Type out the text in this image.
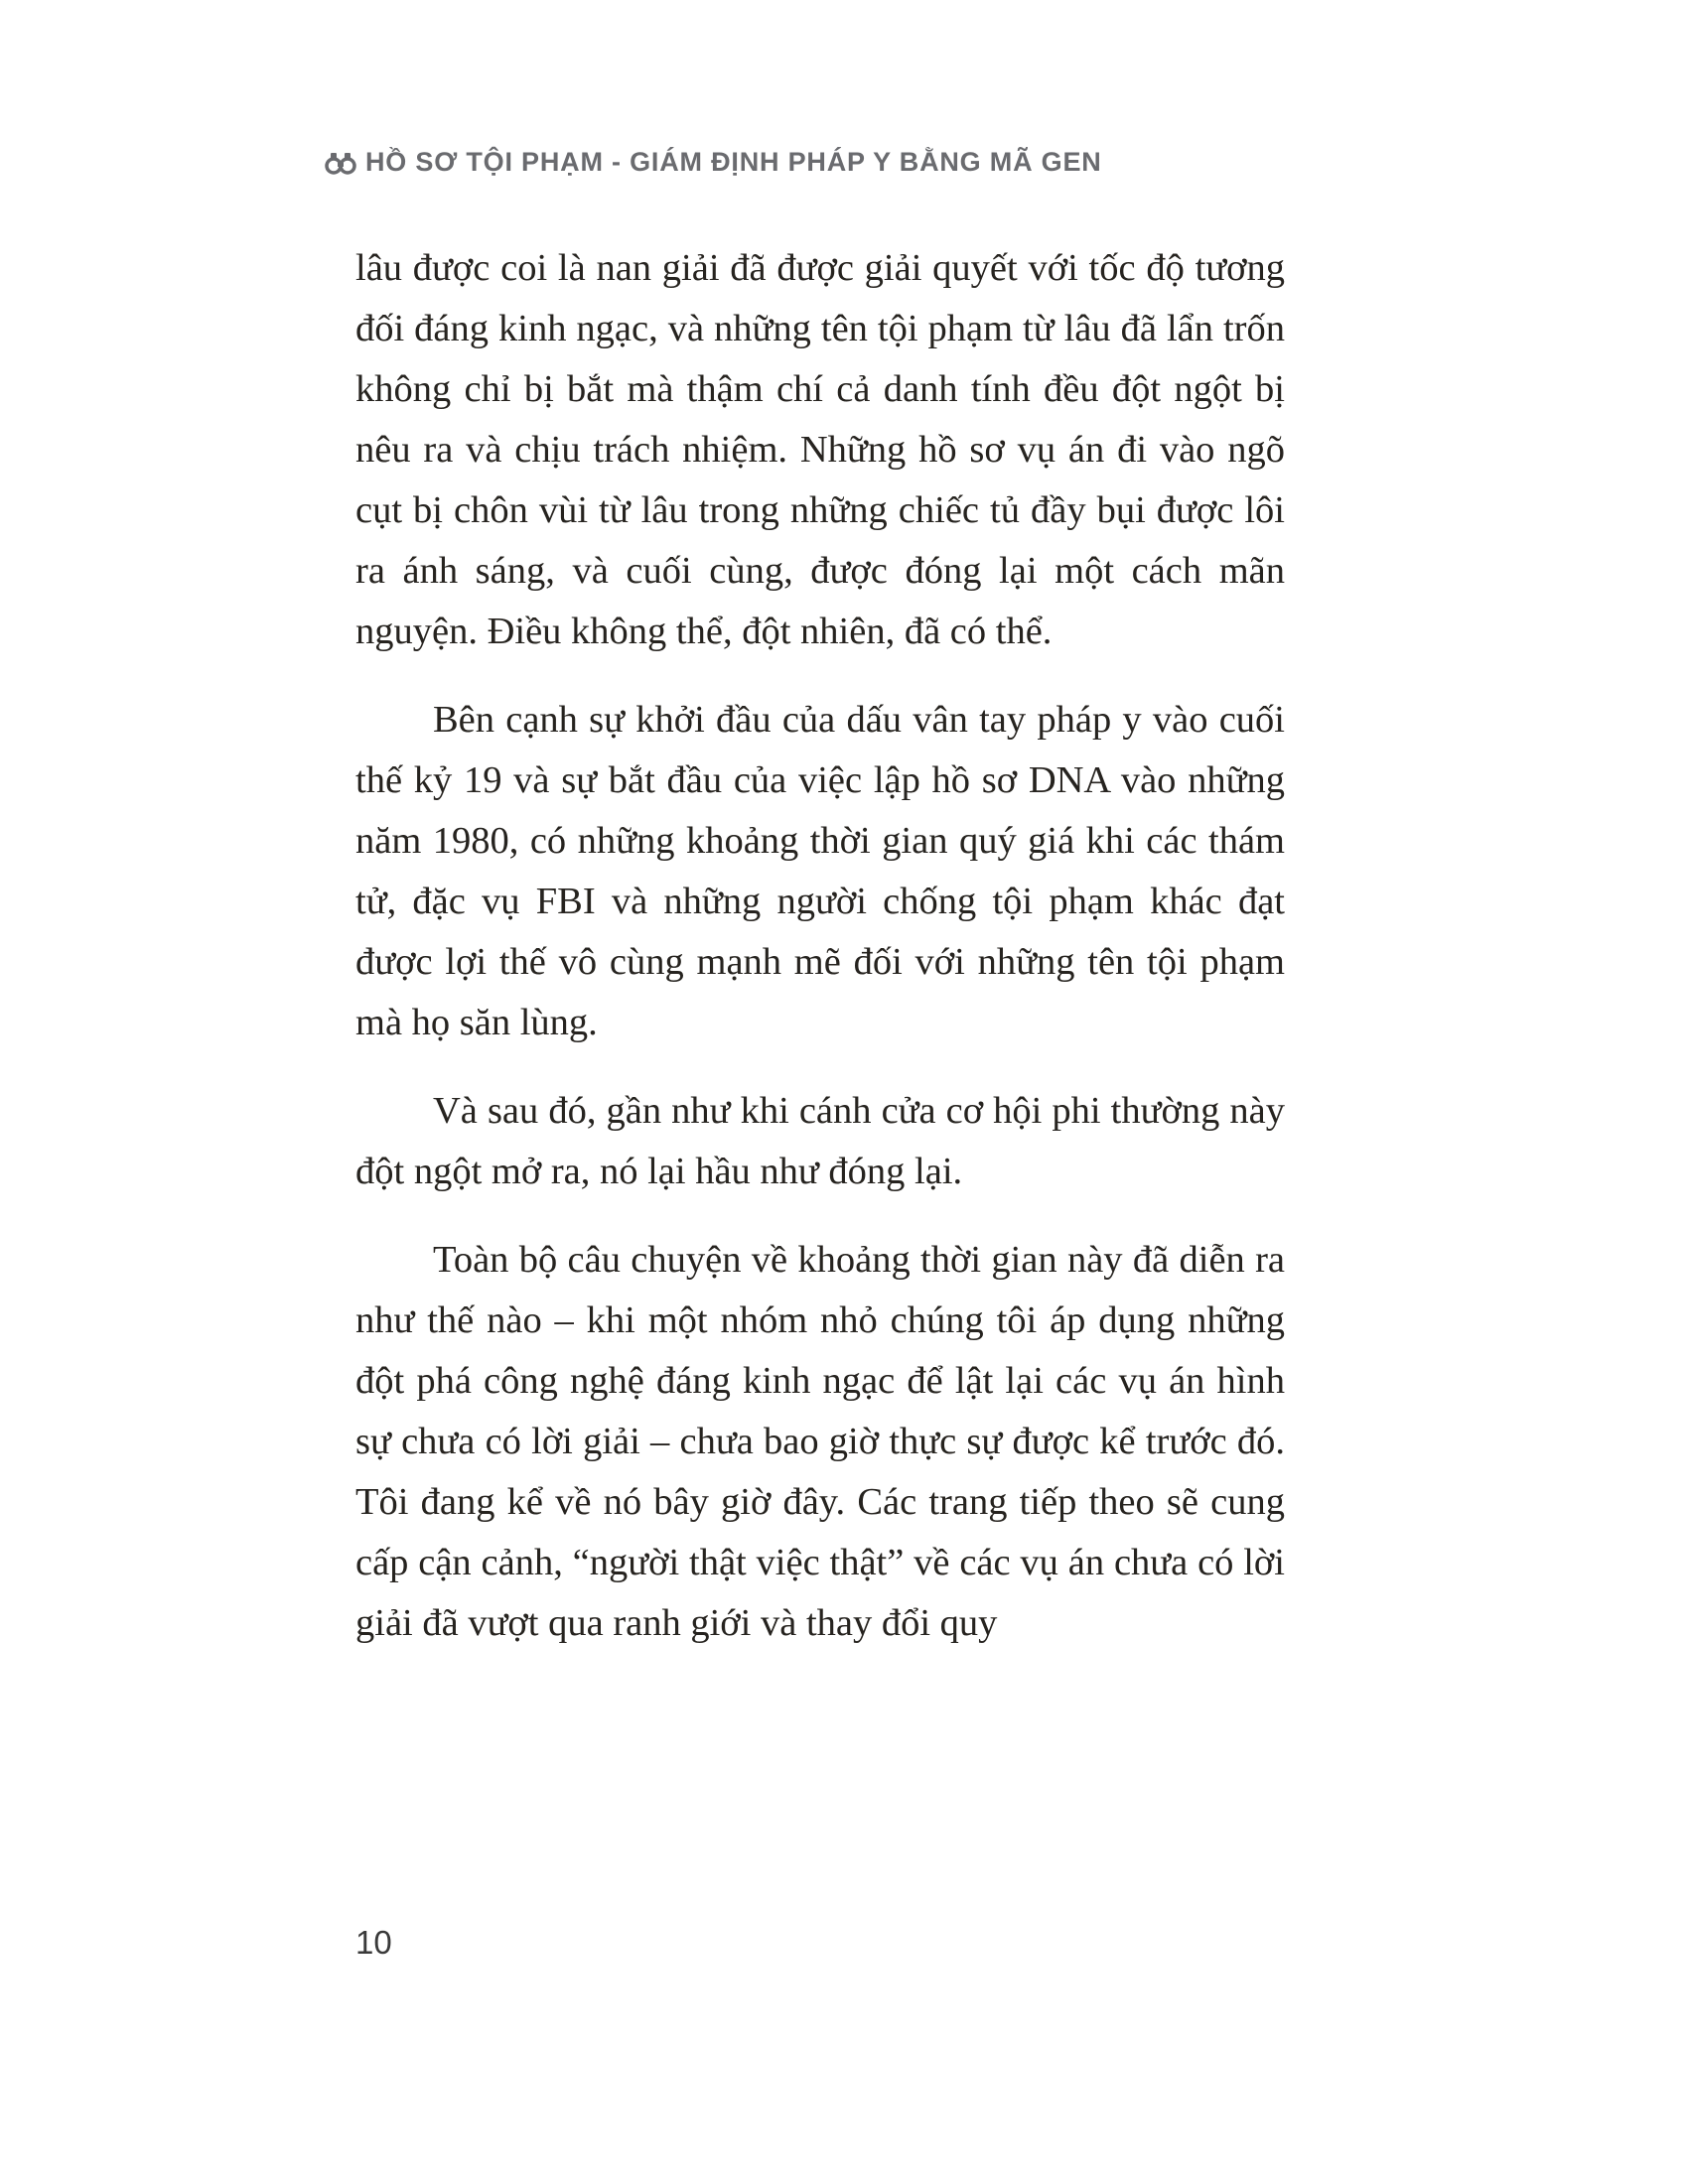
HỒ SƠ TỘI PHẠM - GIÁM ĐỊNH PHÁP Y BẰNG MÃ GEN

lâu được coi là nan giải đã được giải quyết với tốc độ tương đối đáng kinh ngạc, và những tên tội phạm từ lâu đã lẩn trốn không chỉ bị bắt mà thậm chí cả danh tính đều đột ngột bị nêu ra và chịu trách nhiệm. Những hồ sơ vụ án đi vào ngõ cụt bị chôn vùi từ lâu trong những chiếc tủ đầy bụi được lôi ra ánh sáng, và cuối cùng, được đóng lại một cách mãn nguyện. Điều không thể, đột nhiên, đã có thể.

Bên cạnh sự khởi đầu của dấu vân tay pháp y vào cuối thế kỷ 19 và sự bắt đầu của việc lập hồ sơ DNA vào những năm 1980, có những khoảng thời gian quý giá khi các thám tử, đặc vụ FBI và những người chống tội phạm khác đạt được lợi thế vô cùng mạnh mẽ đối với những tên tội phạm mà họ săn lùng.

Và sau đó, gần như khi cánh cửa cơ hội phi thường này đột ngột mở ra, nó lại hầu như đóng lại.

Toàn bộ câu chuyện về khoảng thời gian này đã diễn ra như thế nào – khi một nhóm nhỏ chúng tôi áp dụng những đột phá công nghệ đáng kinh ngạc để lật lại các vụ án hình sự chưa có lời giải – chưa bao giờ thực sự được kể trước đó. Tôi đang kể về nó bây giờ đây. Các trang tiếp theo sẽ cung cấp cận cảnh, “người thật việc thật” về các vụ án chưa có lời giải đã vượt qua ranh giới và thay đổi quy

10
